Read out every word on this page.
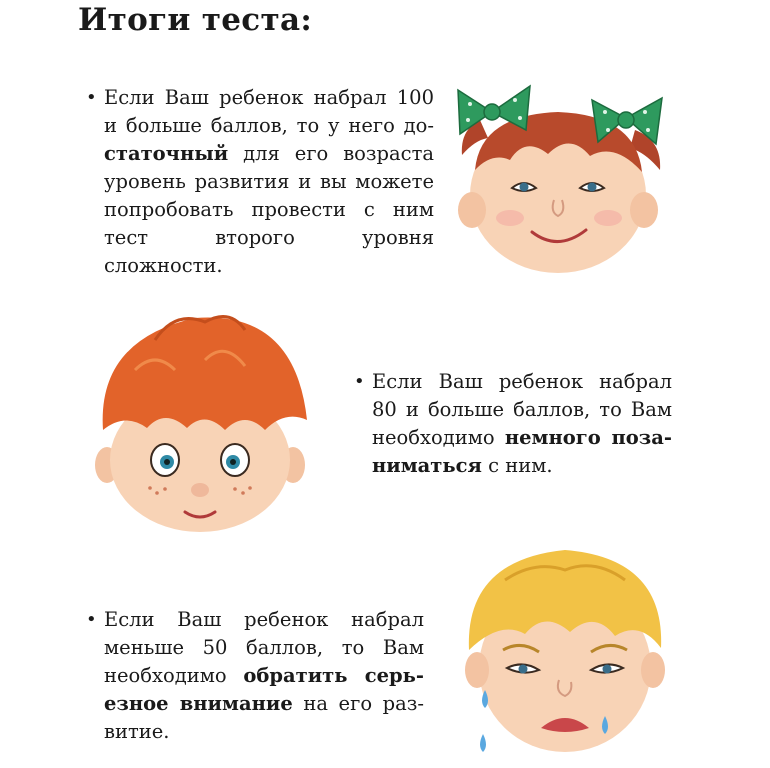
Итоги теста:
• Если Ваш ребенок набрал 100 и больше баллов, то у него достаточный для его возраста уровень развития и вы можете попробовать провести с ним тест второго уровня сложности.
• Если Ваш ребенок набрал 80 и больше баллов, то Вам необходимо немного позаниматься с ним.
• Если Ваш ребенок набрал меньше 50 баллов, то Вам необходимо обратить серьезное внимание на его развитие.
